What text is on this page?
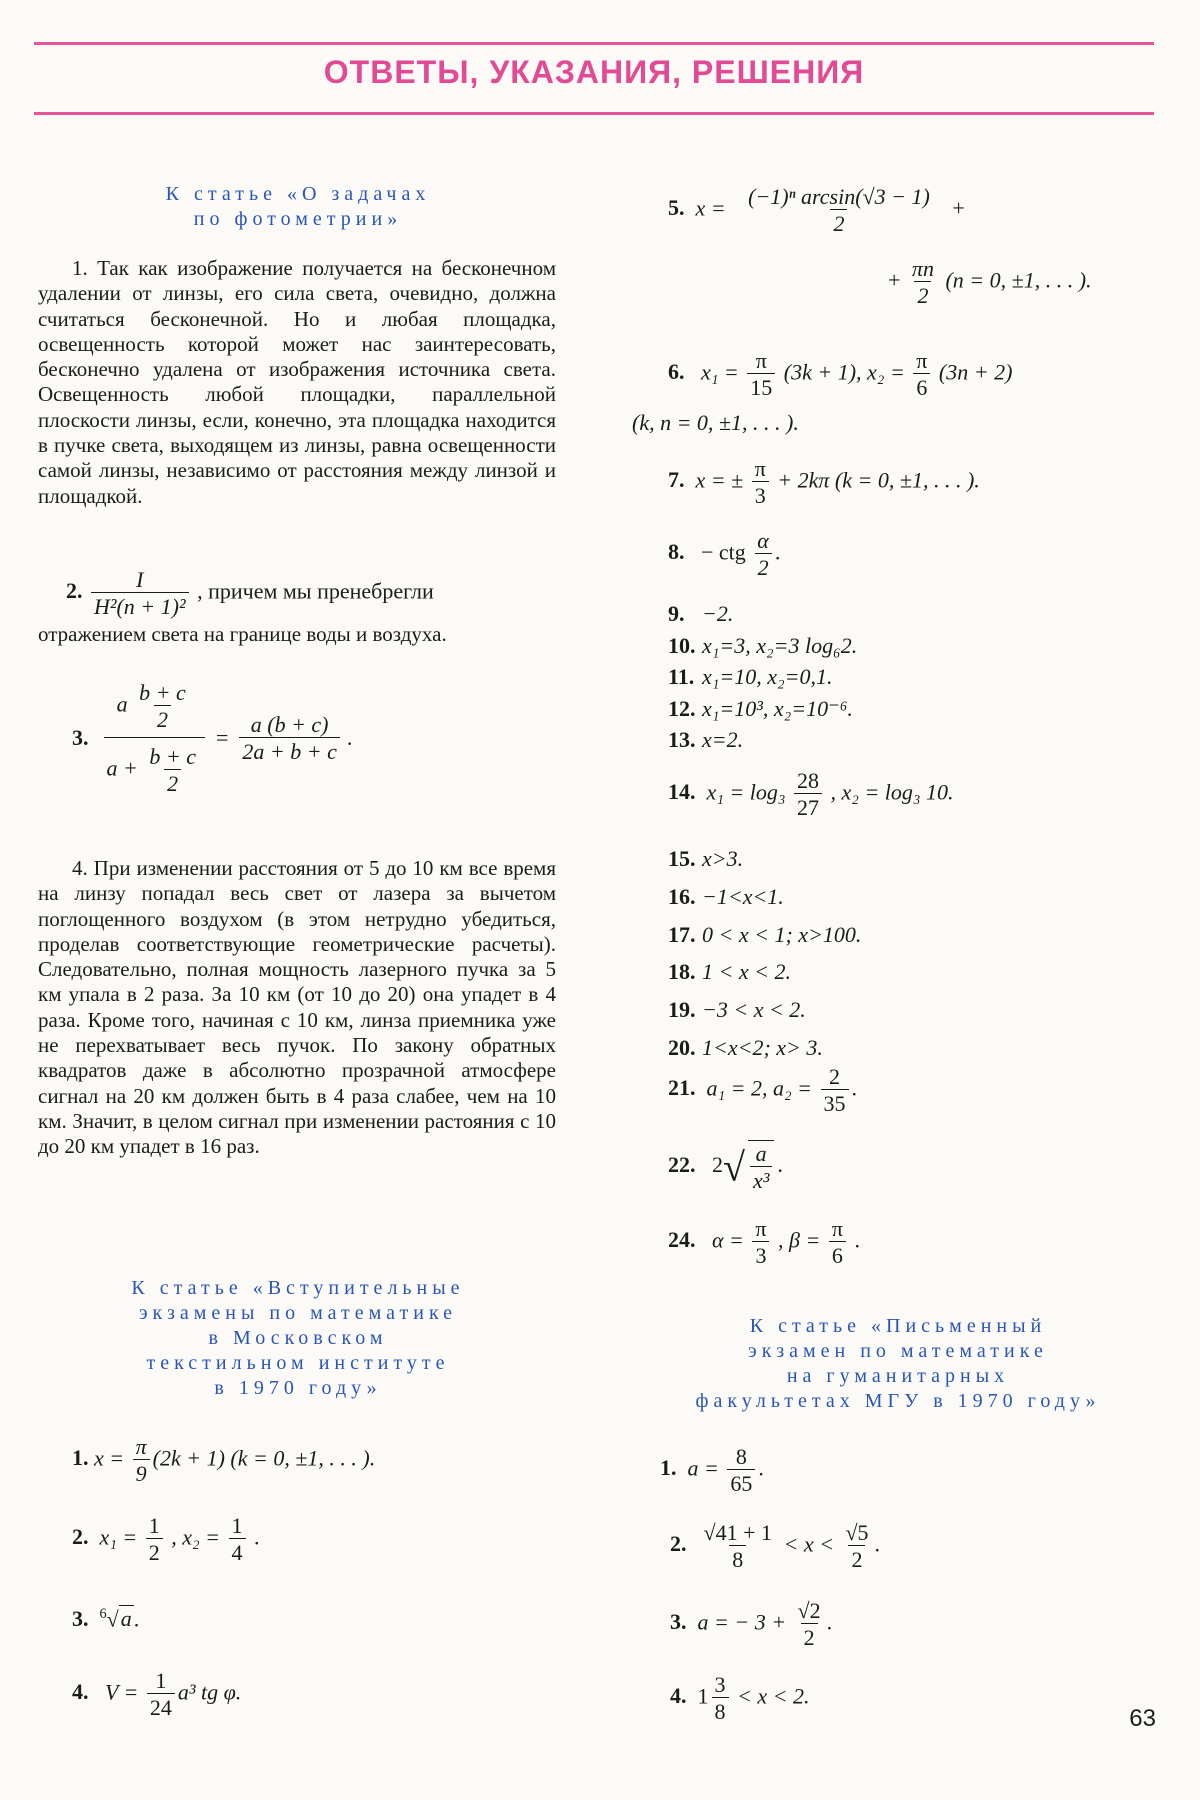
ОТВЕТЫ, УКАЗАНИЯ, РЕШЕНИЯ

К статье «О задачах
по фотометрии»

1. Так как изображение получается на бесконечном удалении от линзы, его сила света, очевидно, должна считаться бесконечной. Но и любая площадка, освещенность которой может нас заинтересовать, бесконечно удалена от изображения источника света. Освещенность любой площадки, параллельной плоскости линзы, если, конечно, эта площадка находится в пучке света, выходящем из линзы, равна освещенности самой линзы, независимо от расстояния между линзой и площадкой.

2. $\frac{I}{\text{H²(n + 1)²}}$ , причем мы пренебрегли

отражением света на границе воды и воздуха.

3. $\frac{a \frac{b + c}{2}}{a + \frac{b + c}{2}} = \frac{a (b + c)}{2a + b + c}$ .

4. При изменении расстояния от 5 до 10 км все время на линзу попадал весь свет от лазера за вычетом поглощенного воздухом (в этом нетрудно убедиться, проделав соответствующие геометрические расчеты). Следовательно, полная мощность лазерного пучка за 5 км упала в 2 раза. За 10 км (от 10 до 20) она упадет в 4 раза. Кроме того, начиная с 10 км, линза приемника уже не перехватывает весь пучок. По закону обратных квадратов даже в абсолютно прозрачной атмосфере сигнал на 20 км должен быть в 4 раза слабее, чем на 10 км. Значит, в целом сигнал при изменении растояния с 10 до 20 км упадет в 16 раз.

К статье «Вступительные
экзамены по математике
в Московском
текстильном институте
в 1970 году»

1. $x = \frac{\pi}{9} (2k + 1) (k = 0$, ±1, . . . ).
2. $x_1 = \frac{1}{2}$ , $x_2 = \frac{1}{4}$ .
3. $^6$√a.
4. $V = \frac{1}{24} a^3$ tg φ.
5. $x = \frac{\text{(−1)ⁿ arcsin(√3 − 1)}}{2}$ +
+ $\frac{\pi n}{2} (n = 0$, ±1, . . . ).
6. $x_1 = \frac{\pi}{15} (3k + 1)$, $x_2 = \frac{\pi}{6} (3n + 2)$
(k, n = 0, ±1, . . . ).
7. x = ± $\frac{\pi}{3} + 2k\pi$ (k = 0, ±1, . . . ).
8. − ctg $\frac{\alpha}{2}$ .
9. −2.
10. x₁=3, x₂=3 log₆2.
11. x₁=10, x₂=0,1.
12. x₁=10³, x₂=10⁻⁶.
13. x=2.
14. $x_1 = \log_3 \frac{28}{27}$ , x₂ = log₃ 10.
15. x>3.
16. −1<x<1.
17. 0 < x < 1; x>100.
18. 1 < x < 2.
19. −3 < x < 2.
20. 1<x<2; x> 3.
21. a₁ = 2, $a_2 = \frac{2}{35}$ .
22. $2√ \frac{a}{\text{x³}}$ .
24. $\alpha = \frac{\pi}{3}$ , $\beta = \frac{\pi}{6}$ .

К статье «Письменный
экзамен по математике
на гуманитарных
факультетах МГУ в 1970 году»

1. $a = \frac{8}{65}$ .
2. $\frac{√41 + 1}{8} < x < \frac{√5}{2}$ .
3. a = − $3 + \frac{√2}{2}$ .
4. $1 \frac{3}{8} < x < 2$.
63
